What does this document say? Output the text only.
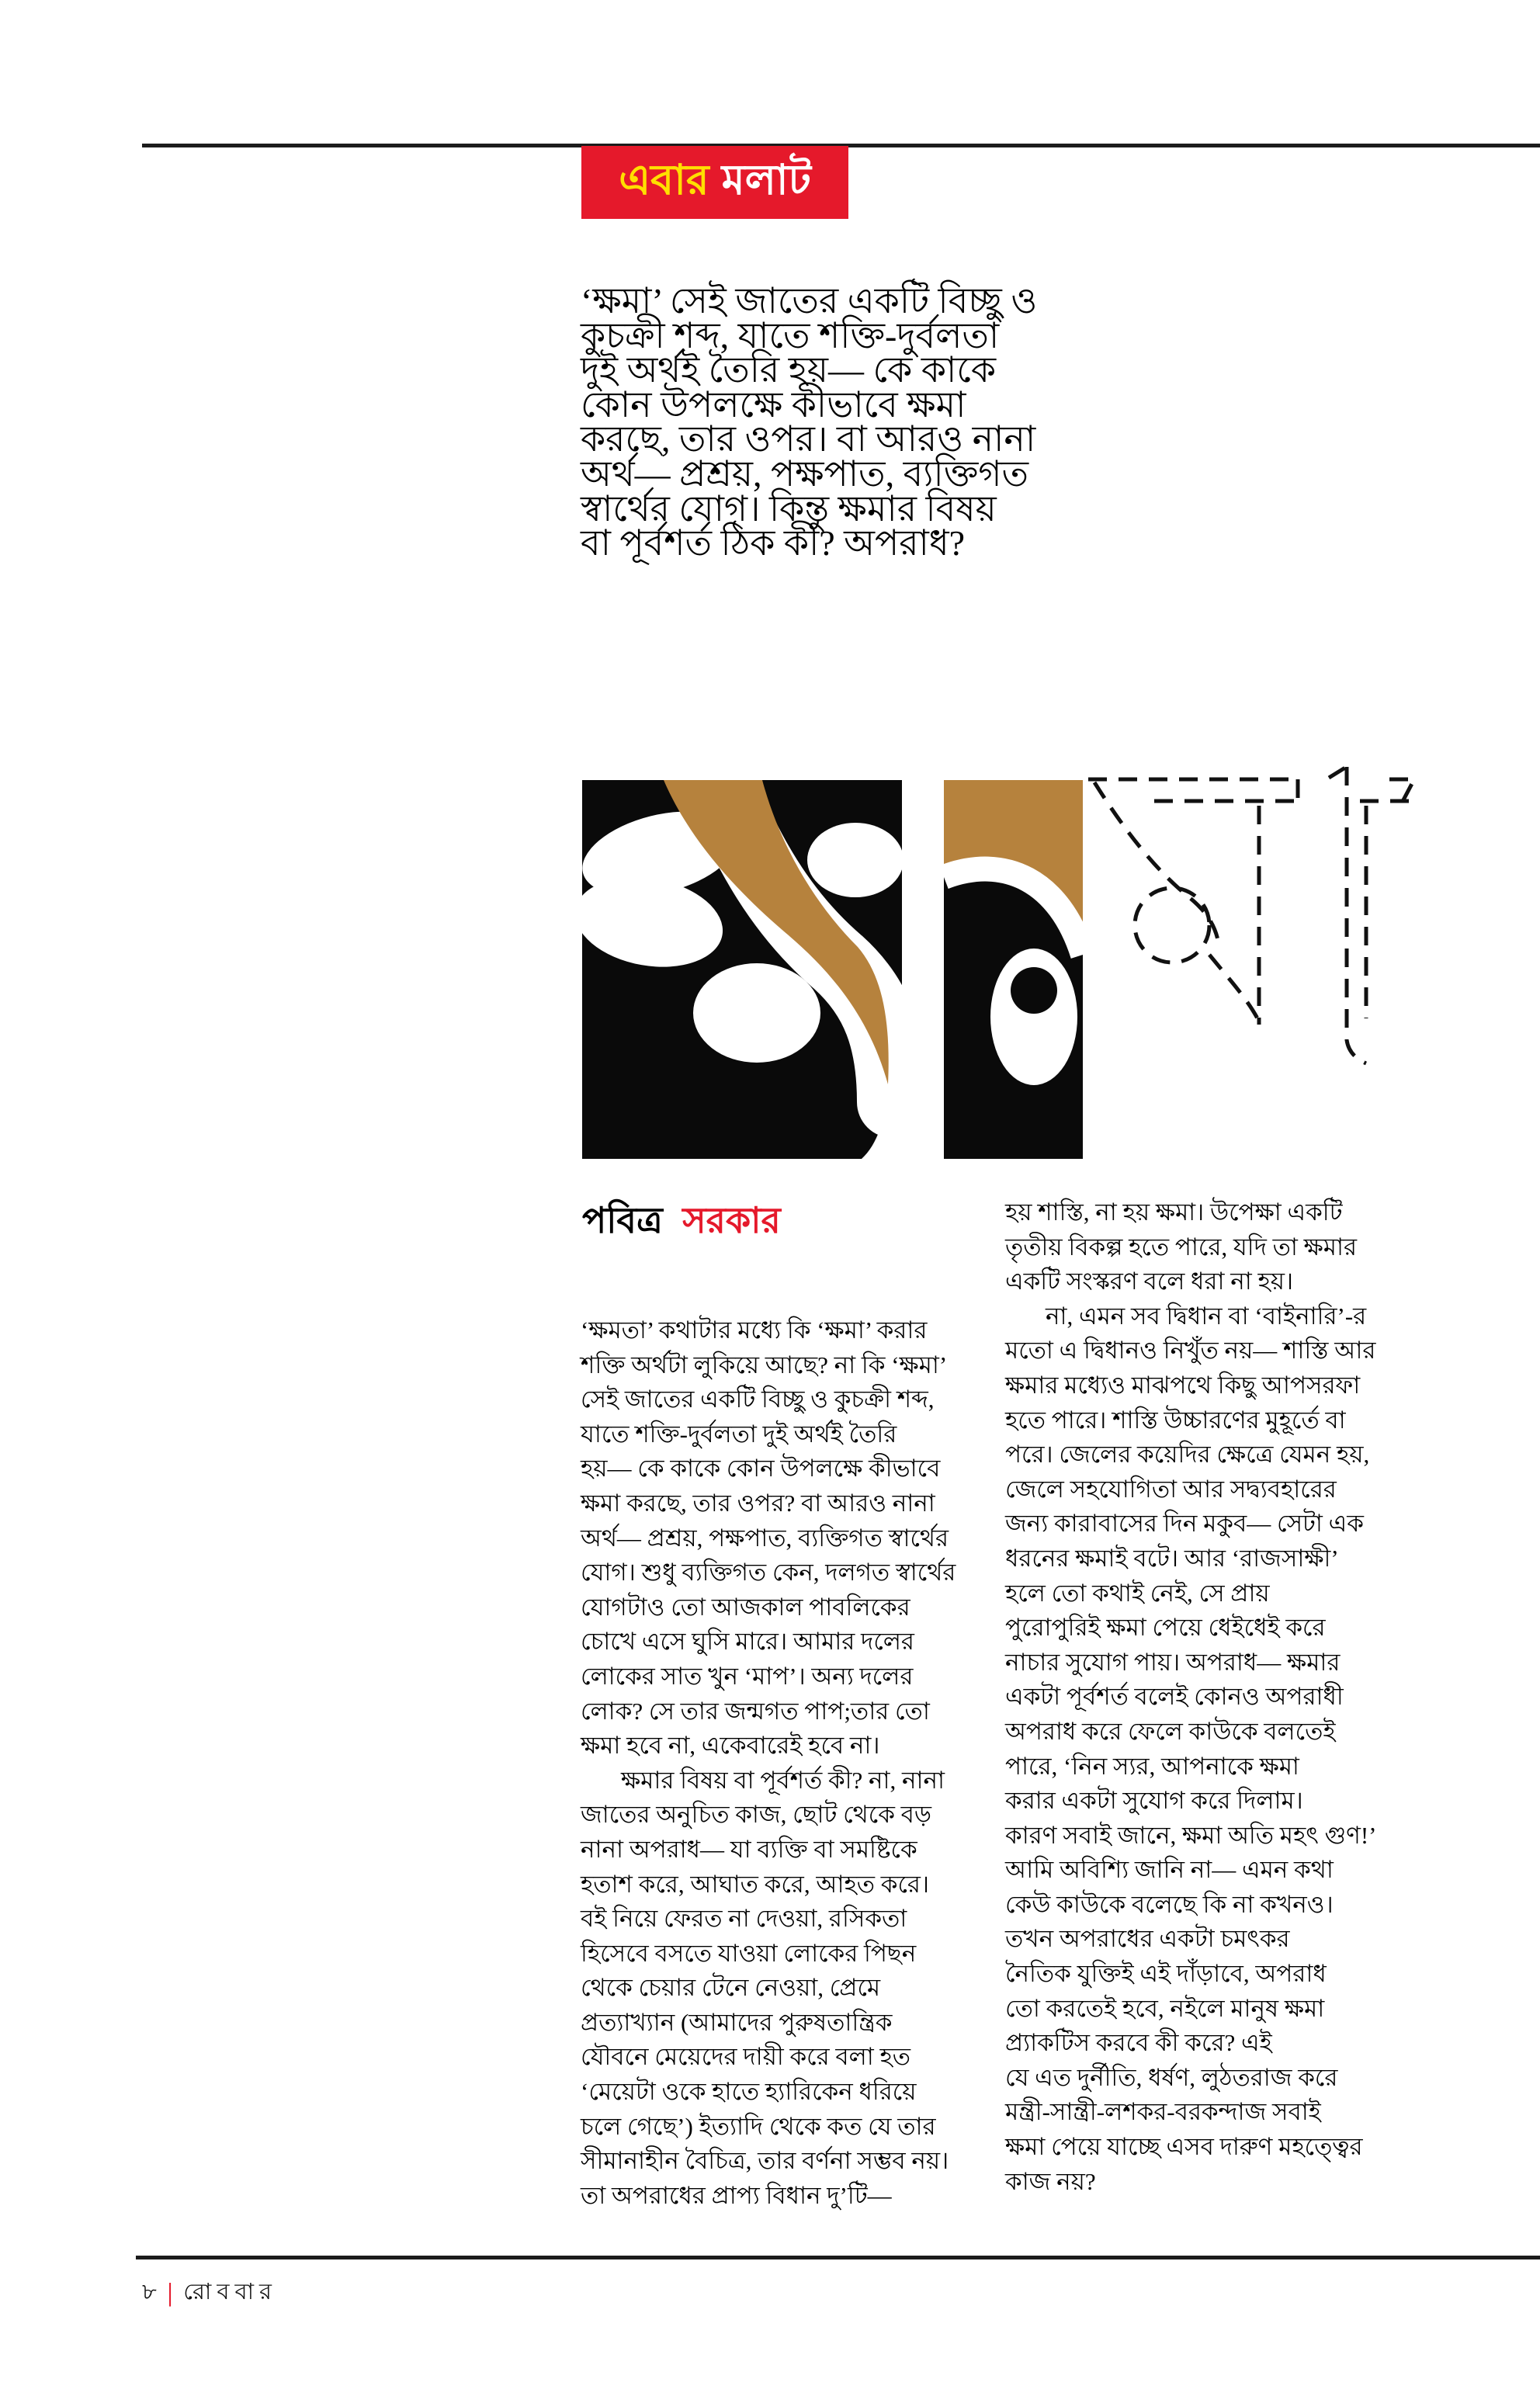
এবার মলাট
‘ক্ষমা’ সেই জাতের একটি বিচ্ছু ও
কুচক্রী শব্দ, যাতে শক্তি-দুর্বলতা
দুই অর্থই তৈরি হয়— কে কাকে
কোন উপলক্ষে কীভাবে ক্ষমা
করছে, তার ওপর। বা আরও নানা
অর্থ— প্রশ্রয়, পক্ষপাত, ব্যক্তিগত
স্বার্থের যোগ। কিন্তু ক্ষমার বিষয়
বা পূর্বশর্ত ঠিক কী? অপরাধ?
পবিত্র সরকার
‘ক্ষমতা’ কথাটার মধ্যে কি ‘ক্ষমা’ করার
শক্তি অর্থটা লুকিয়ে আছে? না কি ‘ক্ষমা’
সেই জাতের একটি বিচ্ছু ও কুচক্রী শব্দ,
যাতে শক্তি-দুর্বলতা দুই অর্থই তৈরি
হয়— কে কাকে কোন উপলক্ষে কীভাবে
ক্ষমা করছে, তার ওপর? বা আরও নানা
অর্থ— প্রশ্রয়, পক্ষপাত, ব্যক্তিগত স্বার্থের
যোগ। শুধু ব্যক্তিগত কেন, দলগত স্বার্থের
যোগটাও তো আজকাল পাবলিকের
চোখে এসে ঘুসি মারে। আমার দলের
লোকের সাত খুন ‘মাপ’। অন্য দলের
লোক? সে তার জন্মগত পাপ;তার তো
ক্ষমা হবে না, একেবারেই হবে না।
ক্ষমার বিষয় বা পূর্বশর্ত কী? না, নানা
জাতের অনুচিত কাজ, ছোট থেকে বড়
নানা অপরাধ— যা ব্যক্তি বা সমষ্টিকে
হতাশ করে, আঘাত করে, আহত করে।
বই নিয়ে ফেরত না দেওয়া, রসিকতা
হিসেবে বসতে যাওয়া লোকের পিছন
থেকে চেয়ার টেনে নেওয়া, প্রেমে
প্রত্যাখ্যান (আমাদের পুরুষতান্ত্রিক
যৌবনে মেয়েদের দায়ী করে বলা হত
‘মেয়েটা ওকে হাতে হ্যারিকেন ধরিয়ে
চলে গেছে’) ইত্যাদি থেকে কত যে তার
সীমানাহীন বৈচিত্র, তার বর্ণনা সম্ভব নয়।
তা অপরাধের প্রাপ্য বিধান দু’টি—
হয় শাস্তি, না হয় ক্ষমা। উপেক্ষা একটি
তৃতীয় বিকল্প হতে পারে, যদি তা ক্ষমার
একটি সংস্করণ বলে ধরা না হয়।
না, এমন সব দ্বিধান বা ‘বাইনারি’-র
মতো এ দ্বিধানও নিখুঁত নয়— শাস্তি আর
ক্ষমার মধ্যেও মাঝপথে কিছু আপসরফা
হতে পারে। শাস্তি উচ্চারণের মুহূর্তে বা
পরে। জেলের কয়েদির ক্ষেত্রে যেমন হয়,
জেলে সহযোগিতা আর সদ্ব্যবহারের
জন্য কারাবাসের দিন মকুব— সেটা এক
ধরনের ক্ষমাই বটে। আর ‘রাজসাক্ষী’
হলে তো কথাই নেই, সে প্রায়
পুরোপুরিই ক্ষমা পেয়ে ধেইধেই করে
নাচার সুযোগ পায়। অপরাধ— ক্ষমার
একটা পূর্বশর্ত বলেই কোনও অপরাধী
অপরাধ করে ফেলে কাউকে বলতেই
পারে, ‘নিন স্যর, আপনাকে ক্ষমা
করার একটা সুযোগ করে দিলাম।
কারণ সবাই জানে, ক্ষমা অতি মহৎ গুণ!’
আমি অবিশ্যি জানি না— এমন কথা
কেউ কাউকে বলেছে কি না কখনও।
তখন অপরাধের একটা চমৎকর
নৈতিক যুক্তিই এই দাঁড়াবে, অপরাধ
তো করতেই হবে, নইলে মানুষ ক্ষমা
প্র্যাকটিস করবে কী করে? এই
যে এত দুর্নীতি, ধর্ষণ, লুঠতরাজ করে
মন্ত্রী-সান্ত্রী-লশকর-বরকন্দাজ সবাই
ক্ষমা পেয়ে যাচ্ছে এসব দারুণ মহত্ত্বের
কাজ নয়?
৮ | রোববার
